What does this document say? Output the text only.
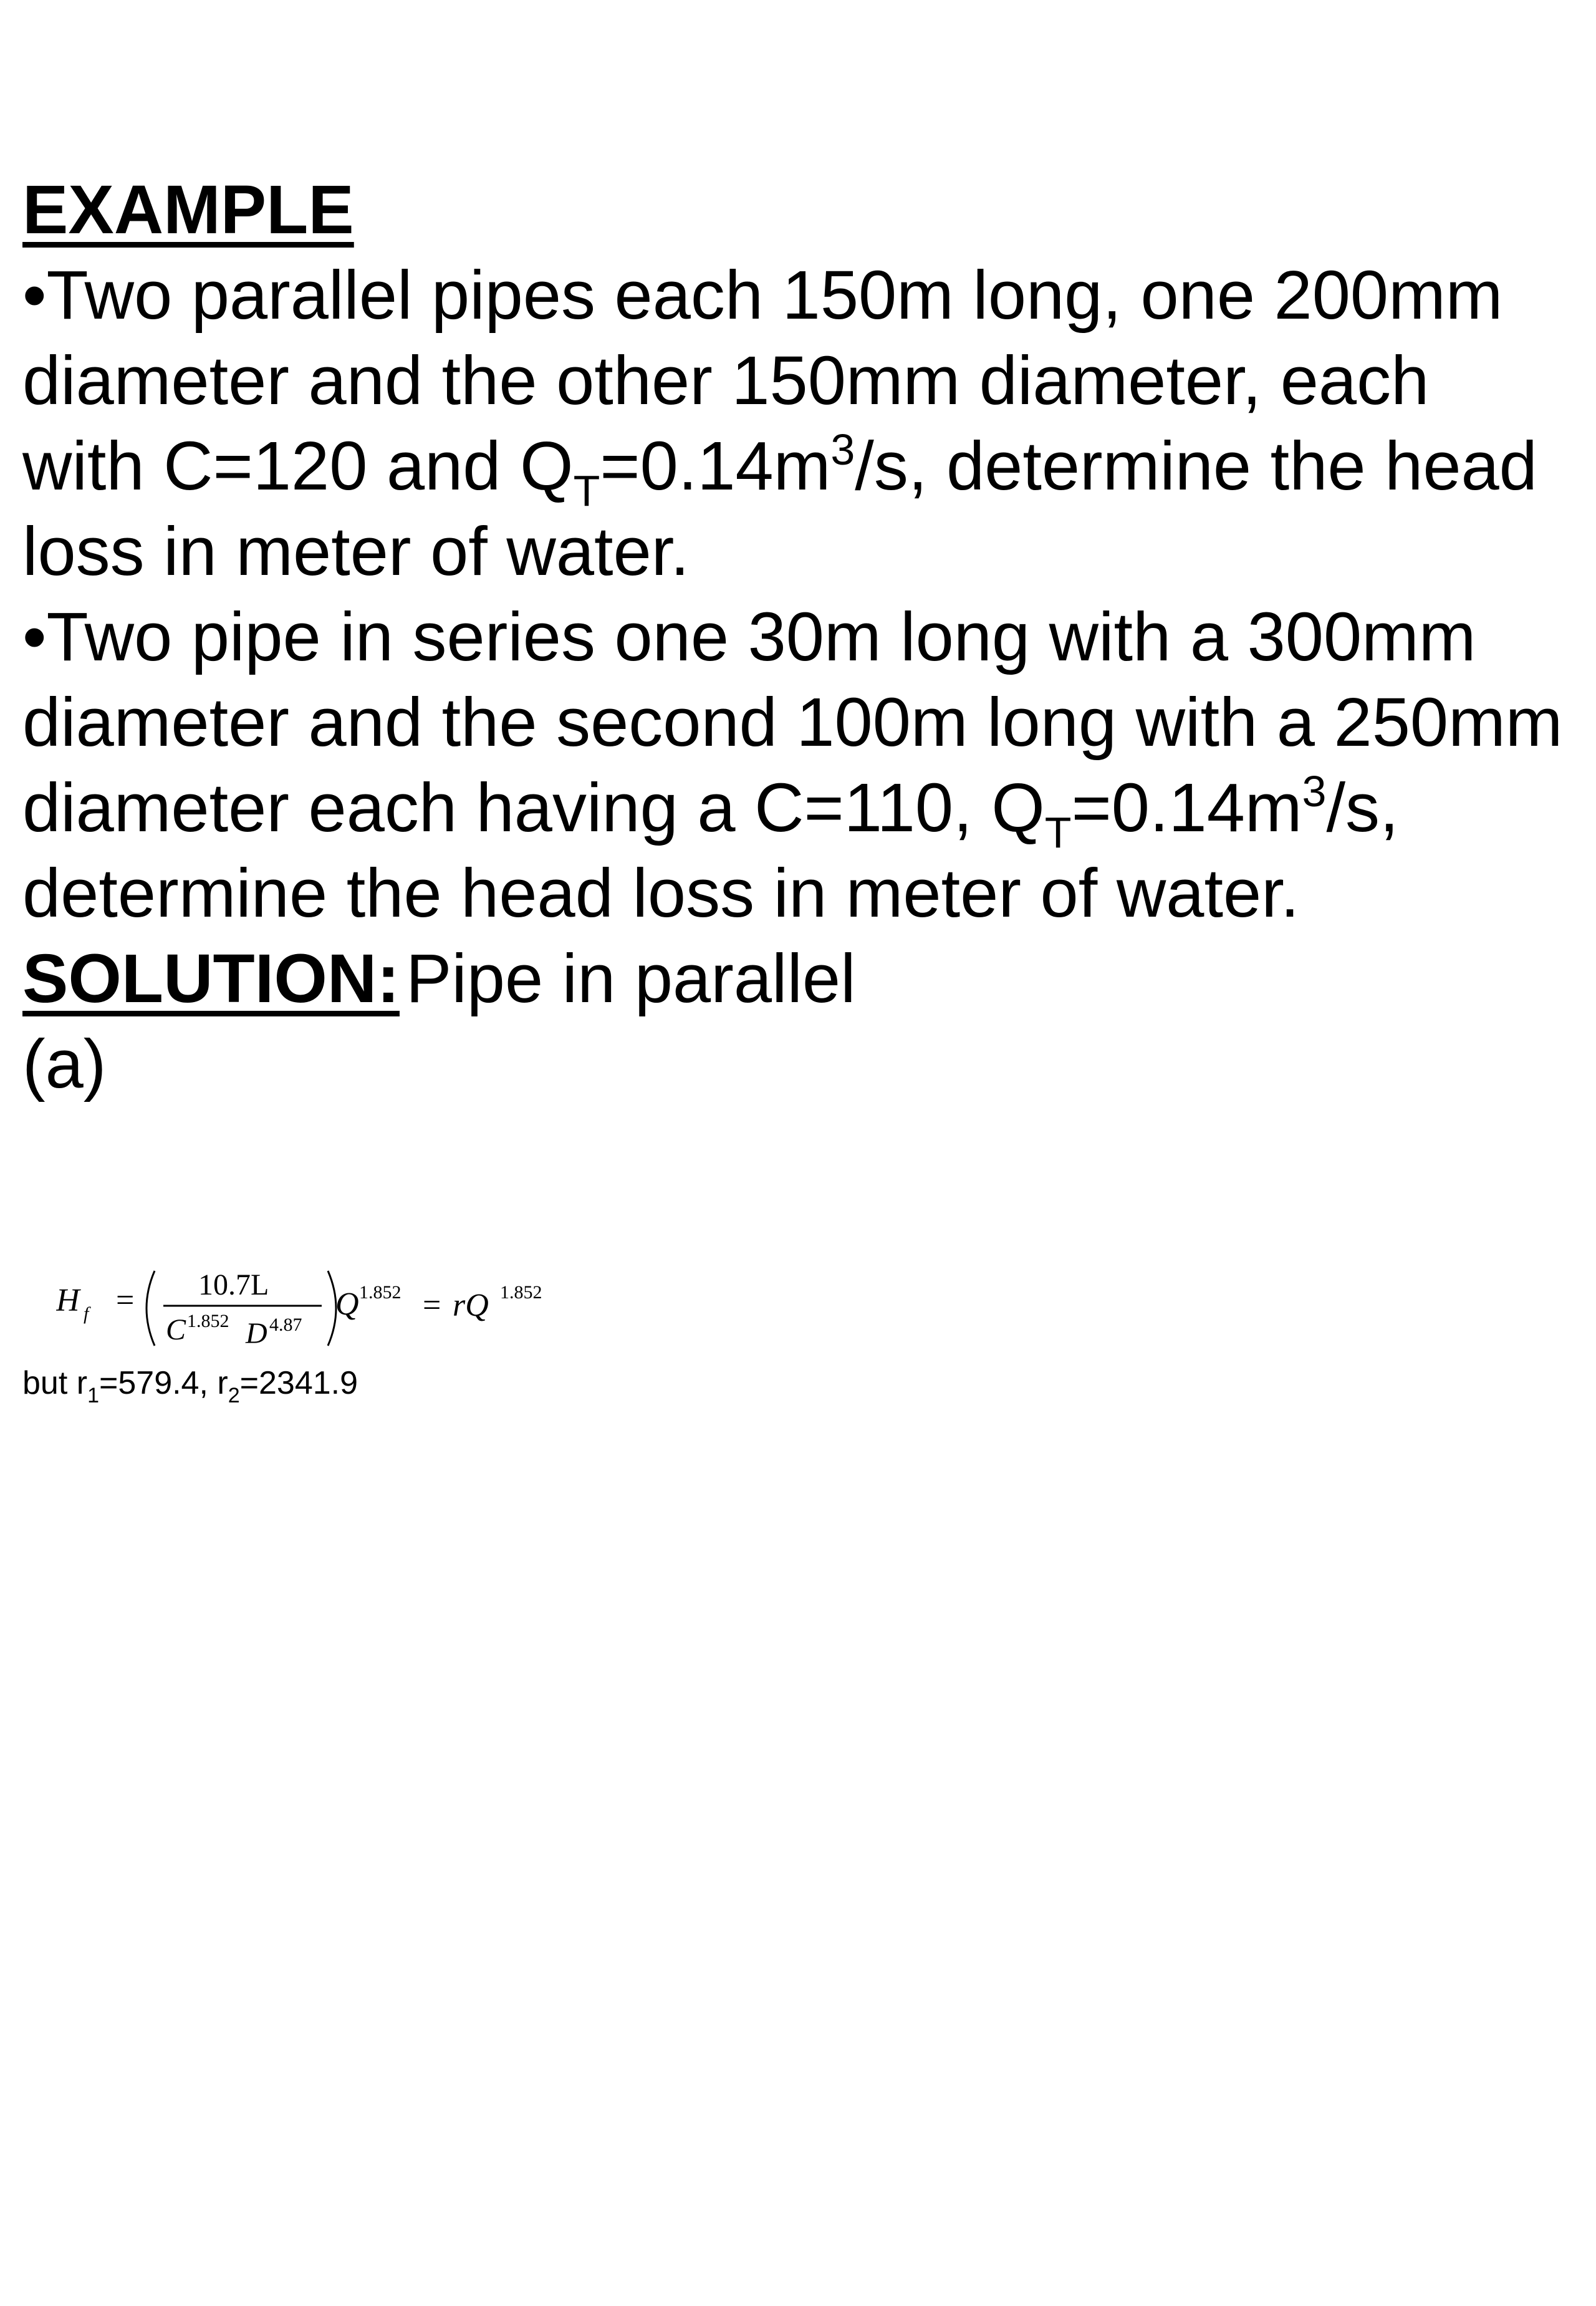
EXAMPLE

•Two parallel pipes each 150m long, one 200mm diameter and the other 150mm diameter, each with C=120 and $Q_T=0.14m^3/s$, determine the head loss in meter of water.

•Two pipe in series one 30m long with a 300mm diameter and the second 100m long with a 250mm diameter each having a C=110, $Q_T=0.14m^3/s$, determine the head loss in meter of water.

SOLUTION:Pipe in parallel

(a)

H f = 10.7L
C 1.852 D 4.87
Q 1.852 = rQ 1.852
but $r_1=579.4$, $r_2=2341.9$
